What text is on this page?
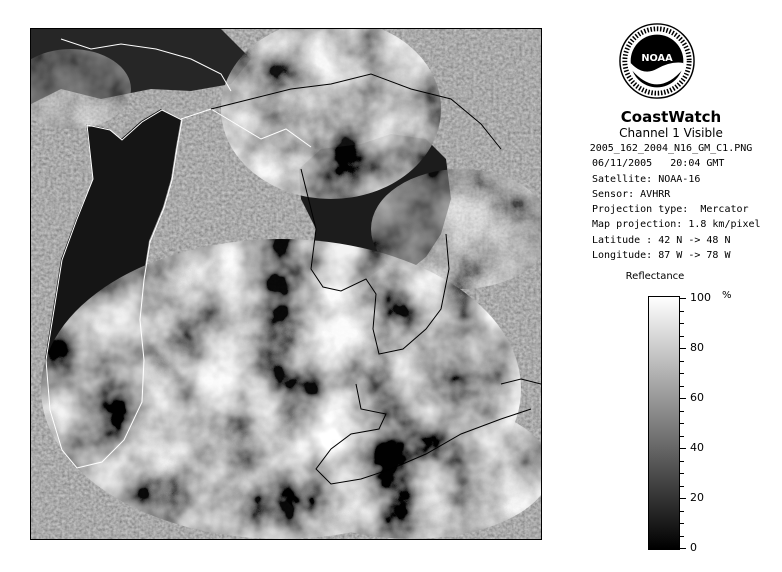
NOAA
CoastWatch
Channel 1 Visible
2005_162_2004_N16_GM_C1.PNG
06/11/2005   20:04 GMT
Satellite: NOAA-16
Sensor: AVHRR
Projection type:  Mercator
Map projection: 1.8 km/pixel
Latitude : 42 N -> 48 N
Longitude: 87 W -> 78 W
Reflectance
%
100
80
60
40
20
0
